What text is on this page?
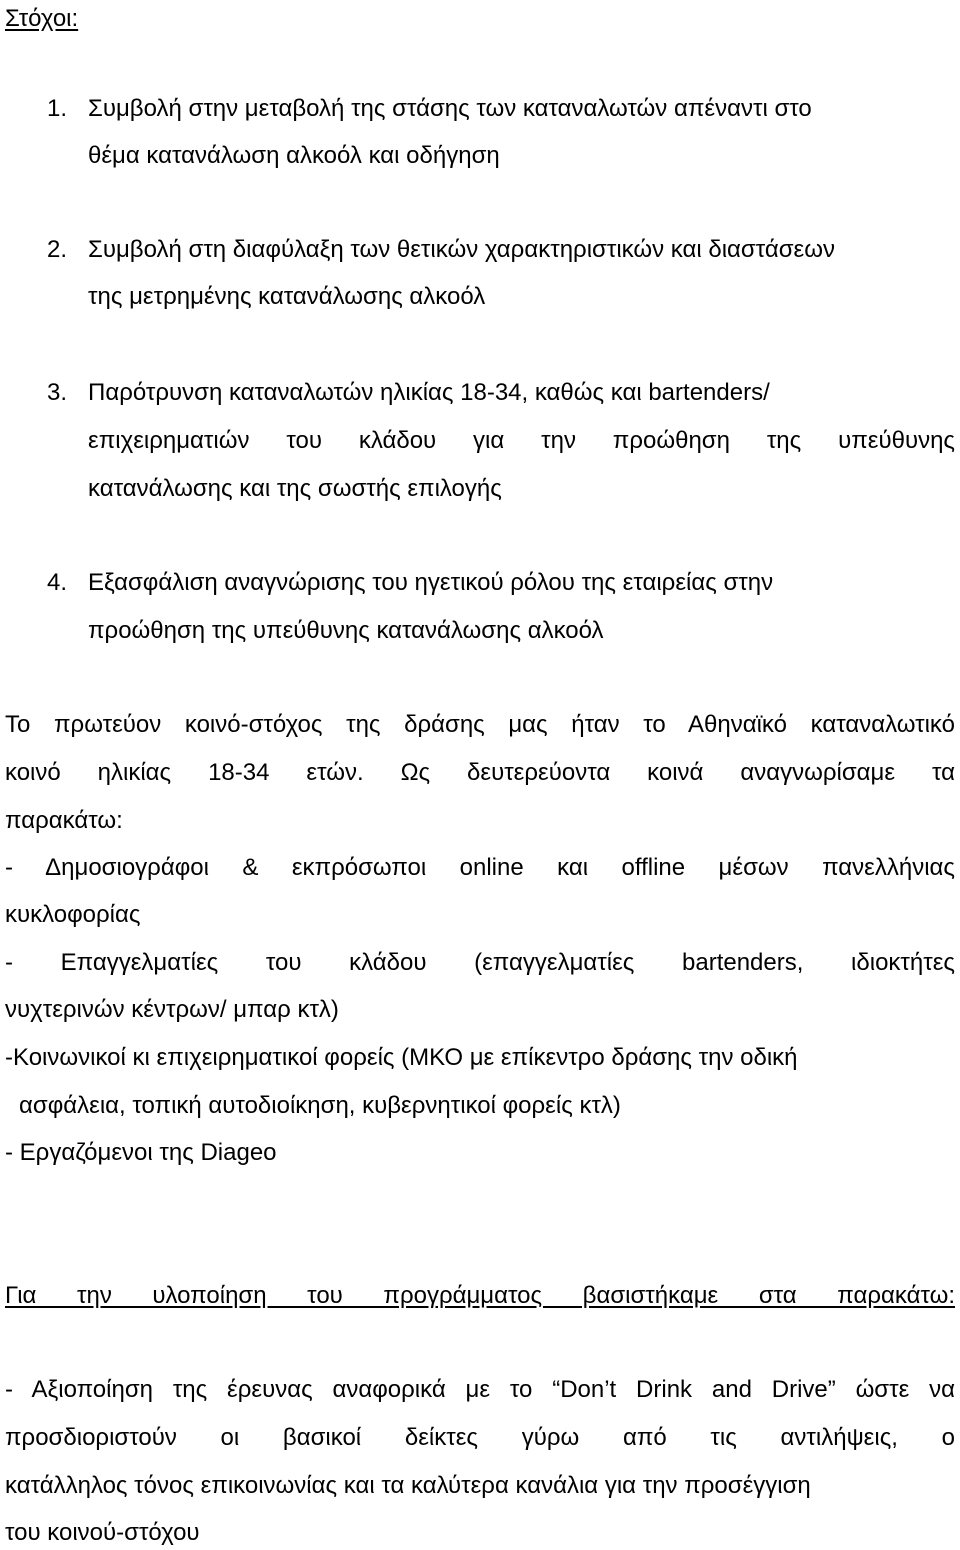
Στόχοι:
1. Συμβολή στην μεταβολή της στάσης των καταναλωτών απέναντι στο
θέμα κατανάλωση αλκοόλ και οδήγηση
2. Συμβολή στη διαφύλαξη των θετικών χαρακτηριστικών και διαστάσεων
της μετρημένης κατανάλωσης αλκοόλ
3. Παρότρυνση καταναλωτών ηλικίας 18-34, καθώς και bartenders/
επιχειρηματιών του κλάδου για την προώθηση της υπεύθυνης
κατανάλωσης και της σωστής επιλογής
4. Εξασφάλιση αναγνώρισης του ηγετικού ρόλου της εταιρείας στην
προώθηση της υπεύθυνης κατανάλωσης αλκοόλ
Το πρωτεύον κοινό-στόχος της δράσης μας ήταν το Αθηναϊκό καταναλωτικό
κοινό ηλικίας 18-34 ετών. Ως δευτερεύοντα κοινά αναγνωρίσαμε τα
παρακάτω:
- Δημοσιογράφοι & εκπρόσωποι online και offline μέσων πανελλήνιας
κυκλοφορίας
- Επαγγελματίες του κλάδου (επαγγελματίες bartenders, ιδιοκτήτες
νυχτερινών κέντρων/ μπαρ κτλ)
-Κοινωνικοί κι επιχειρηματικοί φορείς (ΜΚΟ με επίκεντρο δράσης την οδική
ασφάλεια, τοπική αυτοδιοίκηση, κυβερνητικοί φορείς κτλ)
- Εργαζόμενοι της Diageo
Για την υλοποίηση του προγράμματος βασιστήκαμε στα παρακάτω:
- Αξιοποίηση της έρευνας αναφορικά με το “Don’t Drink and Drive” ώστε να
προσδιοριστούν οι βασικοί δείκτες γύρω από τις αντιλήψεις, ο
κατάλληλος τόνος επικοινωνίας και τα καλύτερα κανάλια για την προσέγγιση
του κοινού-στόχου
